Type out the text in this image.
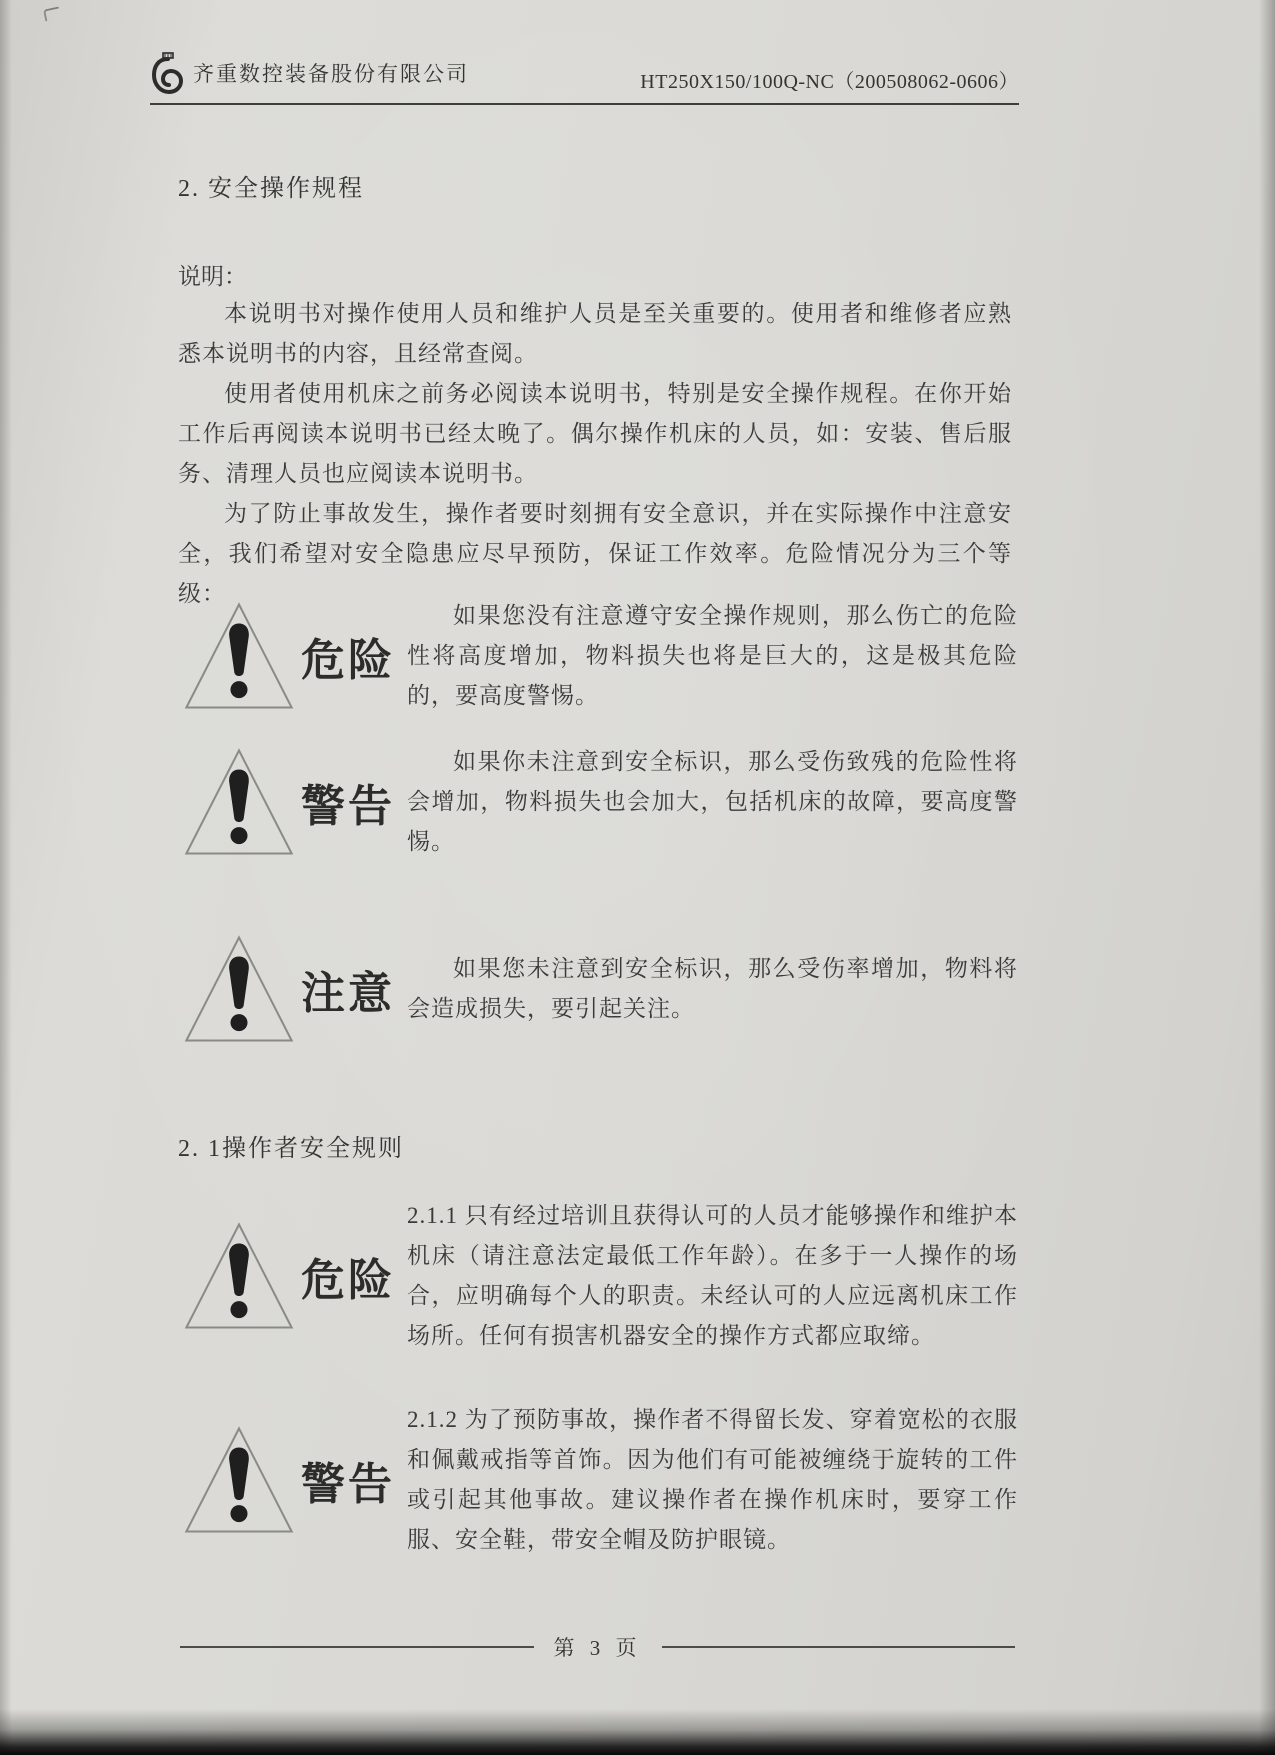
齐重数控装备股份有限公司	HT250X150/100Q-NC（200508062-0606）
2. 安全操作规程
说明：

本说明书对操作使用人员和维护人员是至关重要的。使用者和维修者应熟悉本说明书的内容，且经常查阅。

使用者使用机床之前务必阅读本说明书，特别是安全操作规程。在你开始工作后再阅读本说明书已经太晚了。偶尔操作机床的人员，如：安装、售后服务、清理人员也应阅读本说明书。

为了防止事故发生，操作者要时刻拥有安全意识，并在实际操作中注意安全，我们希望对安全隐患应尽早预防，保证工作效率。危险情况分为三个等级：

危险
如果您没有注意遵守安全操作规则，那么伤亡的危险性将高度增加，物料损失也将是巨大的，这是极其危险的，要高度警惕。
警告
如果你未注意到安全标识，那么受伤致残的危险性将会增加，物料损失也会加大，包括机床的故障，要高度警惕。
注意
如果您未注意到安全标识，那么受伤率增加，物料将会造成损失，要引起关注。
2. 1操作者安全规则
危险
2.1.1 只有经过培训且获得认可的人员才能够操作和维护本机床（请注意法定最低工作年龄）。在多于一人操作的场合，应明确每个人的职责。未经认可的人应远离机床工作场所。任何有损害机器安全的操作方式都应取缔。
警告
2.1.2 为了预防事故，操作者不得留长发、穿着宽松的衣服和佩戴戒指等首饰。因为他们有可能被缠绕于旋转的工件或引起其他事故。建议操作者在操作机床时，要穿工作服、安全鞋，带安全帽及防护眼镜。
第 3 页
